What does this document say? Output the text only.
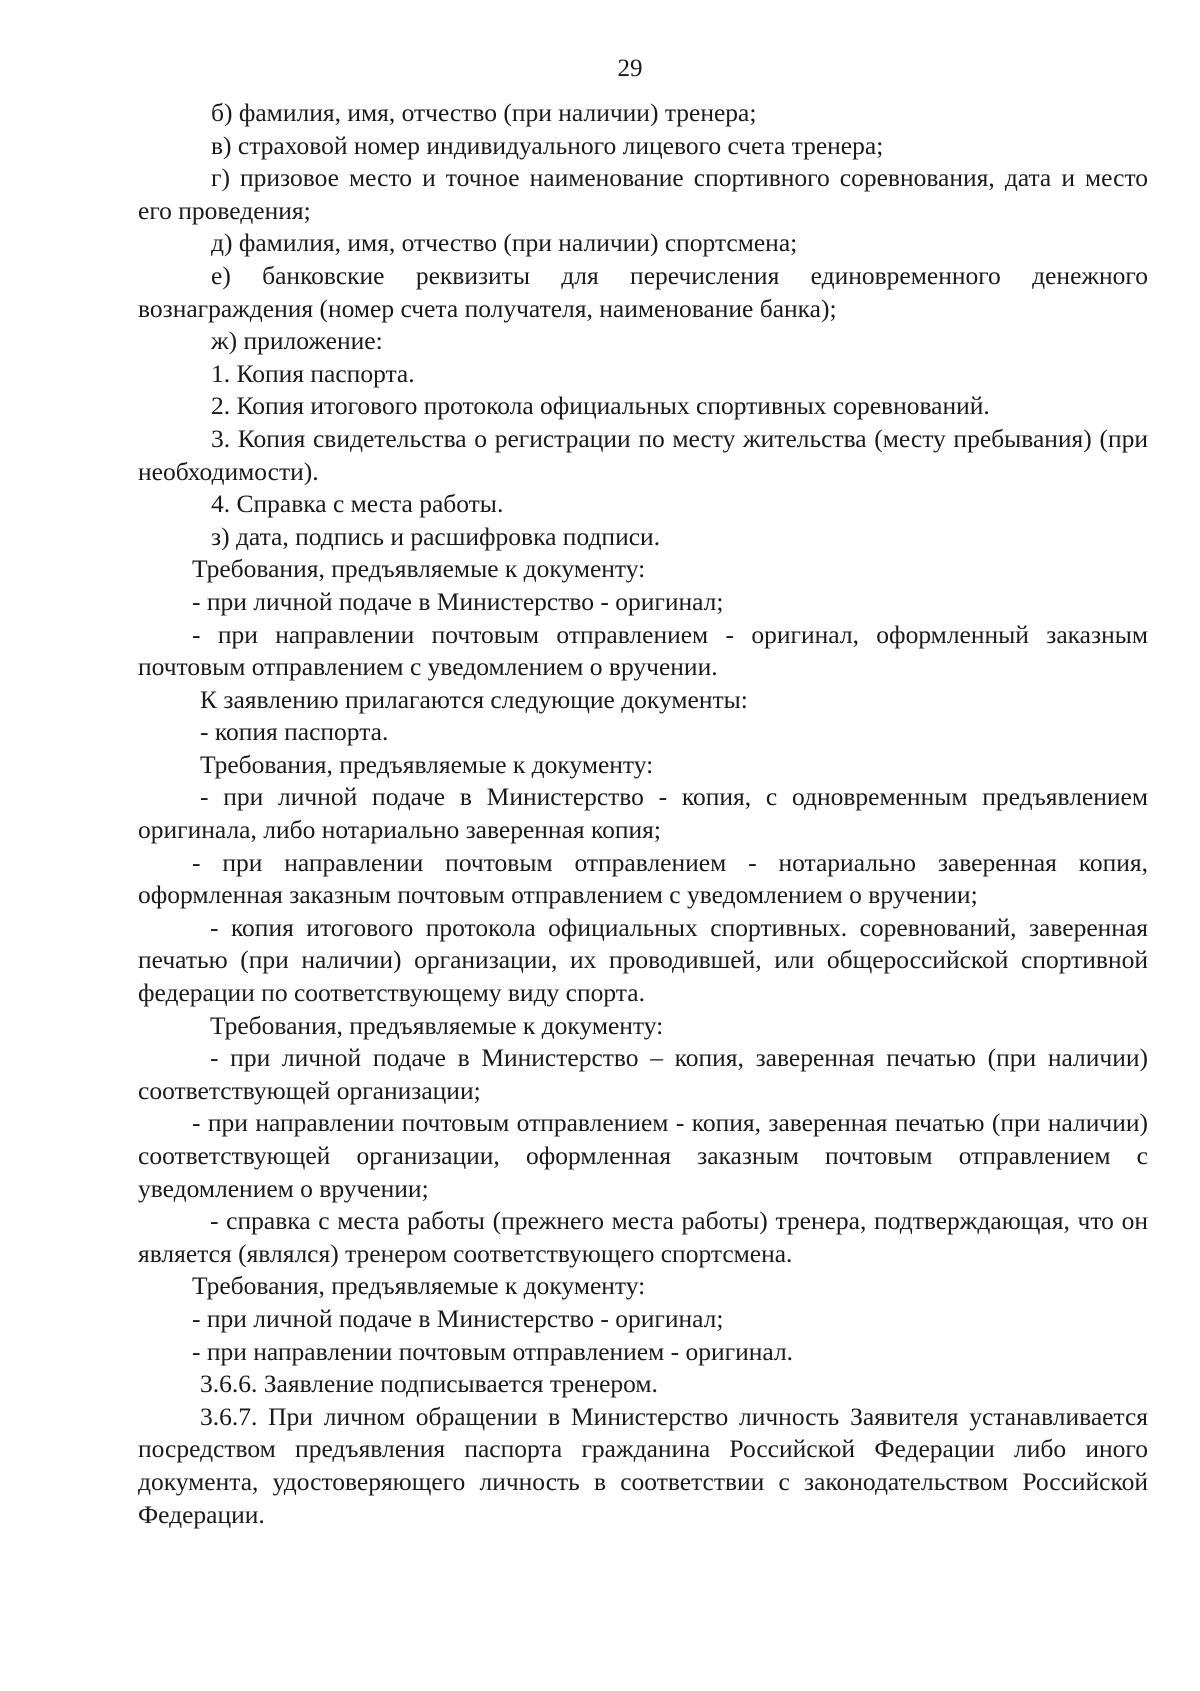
29

б) фамилия, имя, отчество (при наличии) тренера;

в) страховой номер индивидуального лицевого счета тренера;

г) призовое место и точное наименование спортивного соревнования, дата и место его проведения;

д) фамилия, имя, отчество (при наличии) спортсмена;

е) банковские реквизиты для перечисления единовременного денежного вознаграждения (номер счета получателя, наименование банка);

ж) приложение:

1. Копия паспорта.

2. Копия итогового протокола официальных спортивных соревнований.

3. Копия свидетельства о регистрации по месту жительства (месту пребывания) (при необходимости).

4. Справка с места работы.

з) дата, подпись и расшифровка подписи.

Требования, предъявляемые к документу:

- при личной подаче в Министерство - оригинал;

- при направлении почтовым отправлением - оригинал, оформленный заказным почтовым отправлением с уведомлением о вручении.

К заявлению прилагаются следующие документы:

- копия паспорта.

Требования, предъявляемые к документу:

- при личной подаче в Министерство - копия, с одновременным предъявлением оригинала, либо нотариально заверенная копия;

- при направлении почтовым отправлением - нотариально заверенная копия, оформленная заказным почтовым отправлением с уведомлением о вручении;

- копия итогового протокола официальных спортивных. соревнований, заверенная печатью (при наличии) организации, их проводившей, или общероссийской спортивной федерации по соответствующему виду спорта.

Требования, предъявляемые к документу:

- при личной подаче в Министерство – копия, заверенная печатью (при наличии) соответствующей организации;

- при направлении почтовым отправлением - копия, заверенная печатью (при наличии) соответствующей организации, оформленная заказным почтовым отправлением с уведомлением о вручении;

- справка с места работы (прежнего места работы) тренера, подтверждающая, что он является (являлся) тренером соответствующего спортсмена.

Требования, предъявляемые к документу:

- при личной подаче в Министерство - оригинал;

- при направлении почтовым отправлением - оригинал.

3.6.6. Заявление подписывается тренером.

3.6.7. При личном обращении в Министерство личность Заявителя устанавливается посредством предъявления паспорта гражданина Российской Федерации либо иного документа, удостоверяющего личность в соответствии с законодательством Российской Федерации.
